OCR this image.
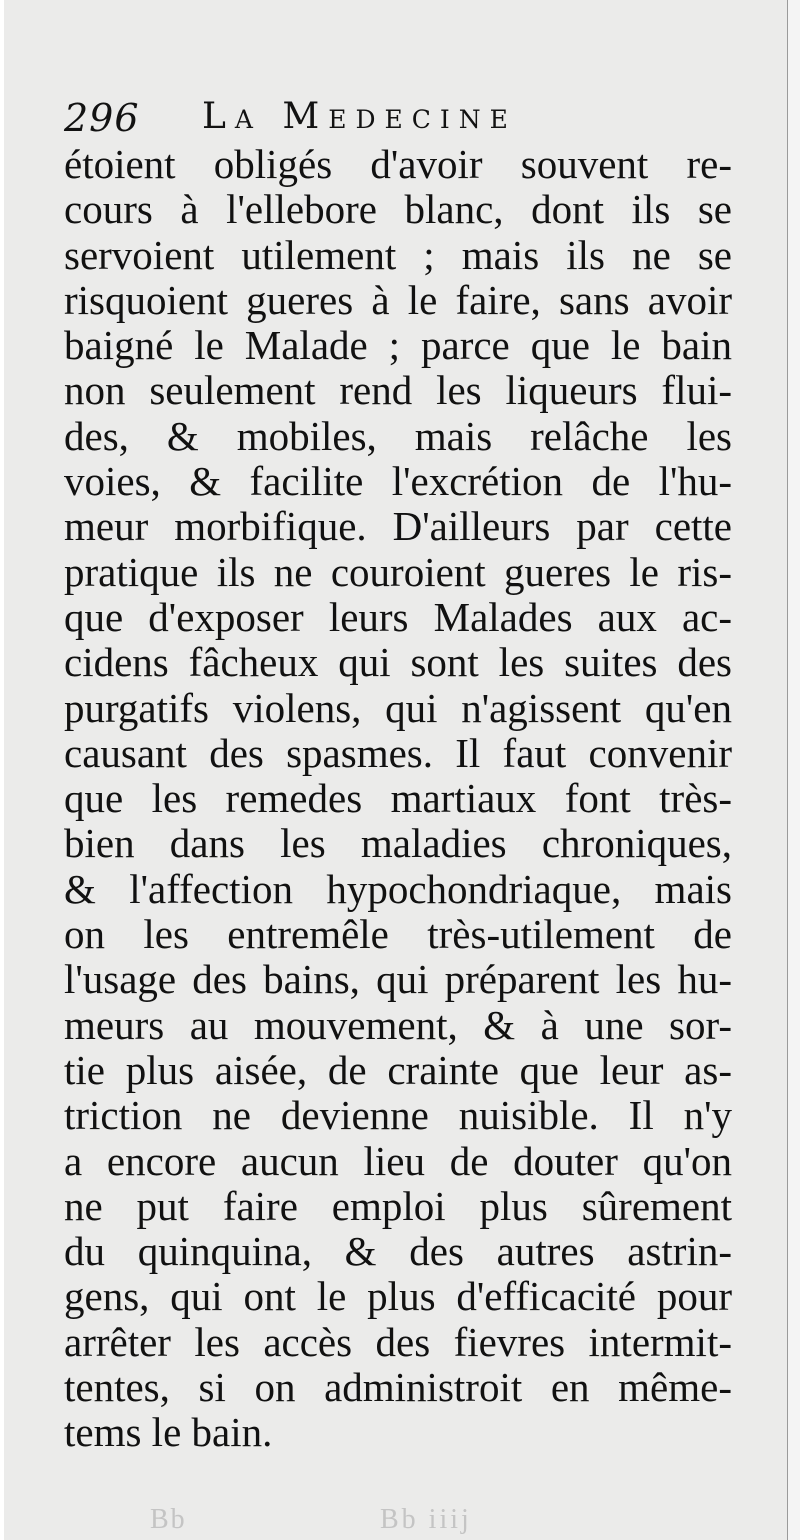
296 La Medecine
étoient obligés d'avoir souvent re-
cours à l'ellebore blanc, dont ils se
servoient utilement ; mais ils ne se
risquoient gueres à le faire, sans avoir
baigné le Malade ; parce que le bain
non seulement rend les liqueurs flui-
des, & mobiles, mais relâche les
voies, & facilite l'excrétion de l'hu-
meur morbifique. D'ailleurs par cette
pratique ils ne couroient gueres le ris-
que d'exposer leurs Malades aux ac-
cidens fâcheux qui sont les suites des
purgatifs violens, qui n'agissent qu'en
causant des spasmes. Il faut convenir
que les remedes martiaux font très-
bien dans les maladies chroniques,
& l'affection hypochondriaque, mais
on les entremêle très-utilement de
l'usage des bains, qui préparent les hu-
meurs au mouvement, & à une sor-
tie plus aisée, de crainte que leur as-
triction ne devienne nuisible. Il n'y
a encore aucun lieu de douter qu'on
ne put faire emploi plus sûrement
du quinquina, & des autres astrin-
gens, qui ont le plus d'efficacité pour
arrêter les accès des fievres intermit-
tentes, si on administroit en même-
tems le bain.
Bb	Bb iiij
